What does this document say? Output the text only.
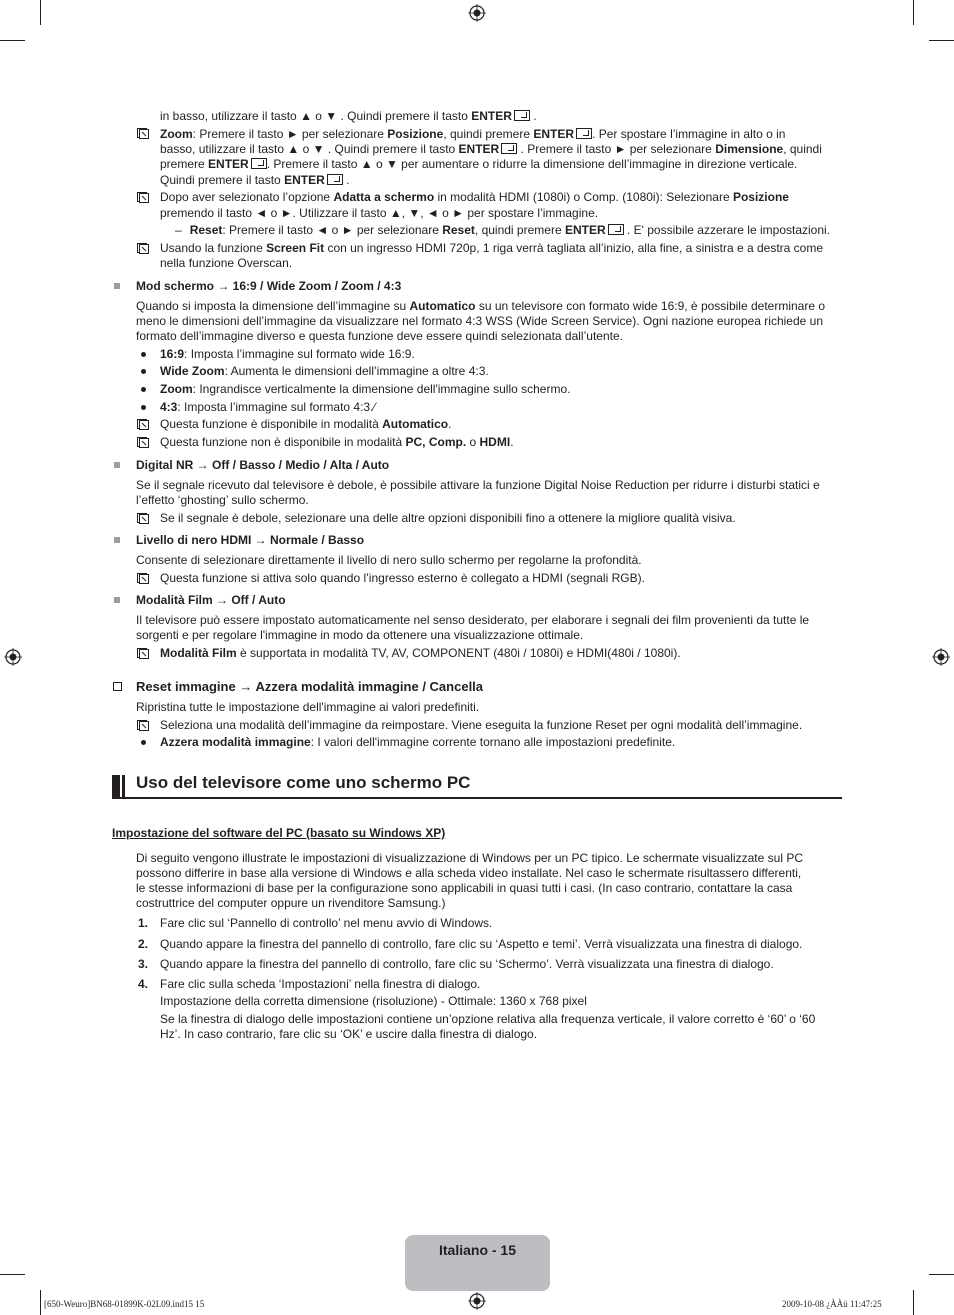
in basso, utilizzare il tasto ▲ o ▼ . Quindi premere il tasto ENTER .
Zoom: Premere il tasto ► per selezionare Posizione, quindi premere ENTER . Per spostare l’immagine in alto o in
basso, utilizzare il tasto ▲ o ▼ . Quindi premere il tasto ENTER . Premere il tasto ► per selezionare Dimensione, quindi
premere ENTER . Premere il tasto ▲ o ▼ per aumentare o ridurre la dimensione dell’immagine in direzione verticale.
Quindi premere il tasto ENTER .
Dopo aver selezionato l’opzione Adatta a schermo in modalità HDMI (1080i) o Comp. (1080i): Selezionare Posizione
premendo il tasto ◄ o ►. Utilizzare il tasto ▲, ▼, ◄ o ► per spostare l’immagine.
– Reset: Premere il tasto ◄ o ► per selezionare Reset, quindi premere ENTER . E' possibile azzerare le impostazioni.
Usando la funzione Screen Fit con un ingresso HDMI 720p, 1 riga verrà tagliata all’inizio, alla fine, a sinistra e a destra come
nella funzione Overscan.
Mod schermo → 16:9 / Wide Zoom / Zoom / 4:3
Quando si imposta la dimensione dell’immagine su Automatico su un televisore con formato wide 16:9, è possibile determinare o
meno le dimensioni dell’immagine da visualizzare nel formato 4:3 WSS (Wide Screen Service). Ogni nazione europea richiede un
formato dell’immagine diverso e questa funzione deve essere quindi selezionata dall’utente.
16:9: Imposta l’immagine sul formato wide 16:9.
Wide Zoom: Aumenta le dimensioni dell’immagine a oltre 4:3.
Zoom: Ingrandisce verticalmente la dimensione dell'immagine sullo schermo.
4:3: Imposta l’immagine sul formato 4:3.⁄
Questa funzione è disponibile in modalità Automatico.
Questa funzione non è disponibile in modalità PC, Comp. o HDMI.
Digital NR → Off / Basso / Medio / Alta / Auto
Se il segnale ricevuto dal televisore è debole, è possibile attivare la funzione Digital Noise Reduction per ridurre i disturbi statici e
l’effetto ‘ghosting’ sullo schermo.
Se il segnale è debole, selezionare una delle altre opzioni disponibili fino a ottenere la migliore qualità visiva.
Livello di nero HDMI → Normale / Basso
Consente di selezionare direttamente il livello di nero sullo schermo per regolarne la profondità.
Questa funzione si attiva solo quando l’ingresso esterno è collegato a HDMI (segnali RGB).
Modalità Film → Off / Auto
Il televisore può essere impostato automaticamente nel senso desiderato, per elaborare i segnali dei film provenienti da tutte le
sorgenti e per regolare l'immagine in modo da ottenere una visualizzazione ottimale.
Modalità Film è supportata in modalità TV, AV, COMPONENT (480i / 1080i) e HDMI(480i / 1080i).
Reset immagine → Azzera modalità immagine / Cancella
Ripristina tutte le impostazione dell'immagine ai valori predefiniti.
Seleziona una modalità dell’immagine da reimpostare. Viene eseguita la funzione Reset per ogni modalità dell’immagine.
Azzera modalità immagine: I valori dell'immagine corrente tornano alle impostazioni predefinite.
Uso del televisore come uno schermo PC
Impostazione del software del PC (basato su Windows XP)
Di seguito vengono illustrate le impostazioni di visualizzazione di Windows per un PC tipico. Le schermate visualizzate sul PC
possono differire in base alla versione di Windows e alla scheda video installate. Nel caso le schermate risultassero differenti,
le stesse informazioni di base per la configurazione sono applicabili in quasi tutti i casi. (In caso contrario, contattare la casa
costruttrice del computer oppure un rivenditore Samsung.)
1. Fare clic sul ‘Pannello di controllo’ nel menu avvio di Windows.
2. Quando appare la finestra del pannello di controllo, fare clic su ‘Aspetto e temi’. Verrà visualizzata una finestra di dialogo.
3. Quando appare la finestra del pannello di controllo, fare clic su ‘Schermo’. Verrà visualizzata una finestra di dialogo.
4. Fare clic sulla scheda ‘Impostazioni’ nella finestra di dialogo.
Impostazione della corretta dimensione (risoluzione) - Ottimale: 1360 x 768 pixel
Se la finestra di dialogo delle impostazioni contiene un’opzione relativa alla frequenza verticale, il valore corretto è ‘60’ o ‘60
Hz’. In caso contrario, fare clic su ‘OK’ e uscire dalla finestra di dialogo.
Italiano - 15
[650-Weuro]BN68-01899K-02L09.ind15 15	2009-10-08 ¿ÀÀü 11:47:25
